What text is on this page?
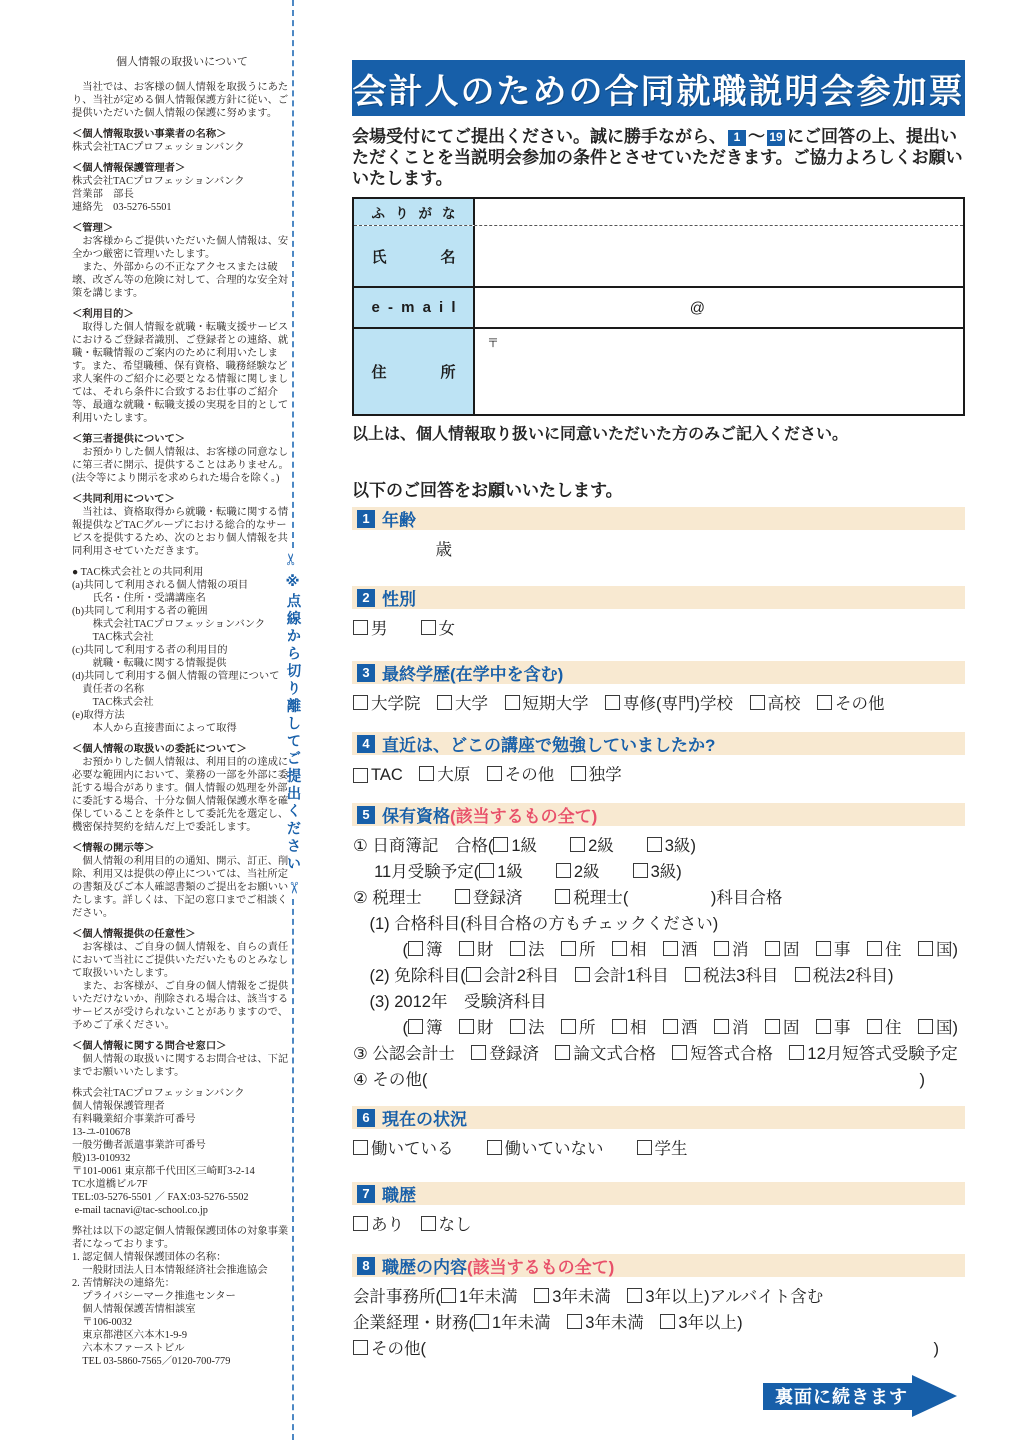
個人情報の取扱いについて
　当社では、お客様の個人情報を取扱うにあたり、当社が定める個人情報保護方針に従い、ご提供いただいた個人情報の保護に努めます。
＜個人情報取扱い事業者の名称＞
株式会社TACプロフェッションバンク
＜個人情報保護管理者＞
株式会社TACプロフェッションバンク
営業部　部長
連絡先　03-5276-5501
＜管理＞
　お客様からご提供いただいた個人情報は、安全かつ厳密に管理いたします。
　また、外部からの不正なアクセスまたは破壊、改ざん等の危険に対して、合理的な安全対策を講じます。
＜利用目的＞
　取得した個人情報を就職・転職支援サービスにおけるご登録者識別、ご登録者との連絡、就職・転職情報のご案内のために利用いたします。また、希望職種、保有資格、職務経験など求人案件のご紹介に必要となる情報に関しましては、それら条件に合致するお仕事のご紹介等、最適な就職・転職支援の実現を目的として利用いたします。
＜第三者提供について＞
　お預かりした個人情報は、お客様の同意なしに第三者に開示、提供することはありません。(法令等により開示を求められた場合を除く。)
＜共同利用について＞
　当社は、資格取得から就職・転職に関する情報提供などTACグループにおける総合的なサービスを提供するため、次のとおり個人情報を共同利用させていただきます。
● TAC株式会社との共同利用
(a)共同して利用される個人情報の項目
　　氏名・住所・受講講座名
(b)共同して利用する者の範囲
　　株式会社TACプロフェッションバンク
　　TAC株式会社
(c)共同して利用する者の利用目的
　　就職・転職に関する情報提供
(d)共同して利用する個人情報の管理について
　責任者の名称
　　TAC株式会社
(e)取得方法
　　本人から直接書面によって取得
＜個人情報の取扱いの委託について＞
　お預かりした個人情報は、利用目的の達成に必要な範囲内において、業務の一部を外部に委託する場合があります。個人情報の処理を外部に委託する場合、十分な個人情報保護水準を確保していることを条件として委託先を選定し、機密保持契約を結んだ上で委託します。
＜情報の開示等＞
　個人情報の利用目的の通知、開示、訂正、削除、利用又は提供の停止については、当社所定の書類及びご本人確認書類のご提出をお願いいたします。詳しくは、下記の窓口までご相談ください。
＜個人情報提供の任意性＞
　お客様は、ご自身の個人情報を、自らの責任において当社にご提供いただいたものとみなして取扱いいたします。
　また、お客様が、ご自身の個人情報をご提供いただけないか、削除される場合は、該当するサービスが受けられないことがありますので、予めご了承ください。
＜個人情報に関する問合せ窓口＞
　個人情報の取扱いに関するお問合せは、下記までお願いいたします。
株式会社TACプロフェッションバンク
個人情報保護管理者
有料職業紹介事業許可番号
13-ユ-010678
一般労働者派遣事業許可番号
般)13-010932
〒101-0061 東京都千代田区三崎町3-2-14
TC水道橋ビル7F
TEL:03-5276-5501 ／ FAX:03-5276-5502
e-mail tacnavi@tac-school.co.jp
弊社は以下の認定個人情報保護団体の対象事業者になっております。
1. 認定個人情報保護団体の名称：
　一般財団法人日本情報経済社会推進協会
2. 苦情解決の連絡先：
　プライバシーマーク推進センター
　個人情報保護苦情相談室
　〒106-0032
　東京都港区六本木1-9-9
　六本木ファーストビル
　TEL 03-5860-7565／0120-700-779
✂
※点線から切り離してご提出ください
✂
会計人のための合同就職説明会参加票
会場受付にてご提出ください。誠に勝手ながら、 1 〜 19 にご回答の上、提出いただくことを当説明会参加の条件とさせていただきます。ご協力よろしくお願いいたします。
ふ り が な
氏	名
e - m a i l	@
住	所
〒
以上は、個人情報取り扱いに同意いただいた方のみご記入ください。
以下のご回答をお願いいたします。
1 年齢
　　　　　歳
2 性別
男
　　	女
3 最終学歴(在学中を含む)
大学院
　 大学
　 短期大学
　 専修(専門)学校
　 高校
　 その他
4 直近は、どこの講座で勉強していましたか?
TAC
　 大原
　 その他
　 独学
5 保有資格 (該当するもの全て)
① 日商簿記　合格( 1級
　　	2級
　　	3級 )
　 11月受験予定( 1級
　　	2級
　　	3級 )
② 税理士　　 登録済
　　	税理士(　　　　　)科目合格
　(1) 合格科目(科目合格の方もチェックください)
　　　( 簿
　 財
　 法
　 所
　 相
　 酒
　 消
　 固
　 事
　 住
　 国 )
　(2) 免除科目( 会計2科目
　 会計1科目
　 税法3科目
　 税法2科目 )
　(3) 2012年　受験済科目
　　　( 簿
　 財
　 法
　 所
　 相
　 酒
　 消
　 固
　 事
　 住
　 国 )
③ 公認会計士　 登録済
　 論文式合格
　 短答式合格
　 12月短答式受験予定
④ その他(	)
6 現在の状況
働いている
　　	働いていない
　　	学生
7 職歴
あり
　 なし
8 職歴の内容 (該当するもの全て)
会計事務所( 1年未満
　 3年未満
　 3年以上 )アルバイト含む
企業経理・財務( 1年未満
　 3年未満
　 3年以上 )
その他(	)
裏面に続きます
